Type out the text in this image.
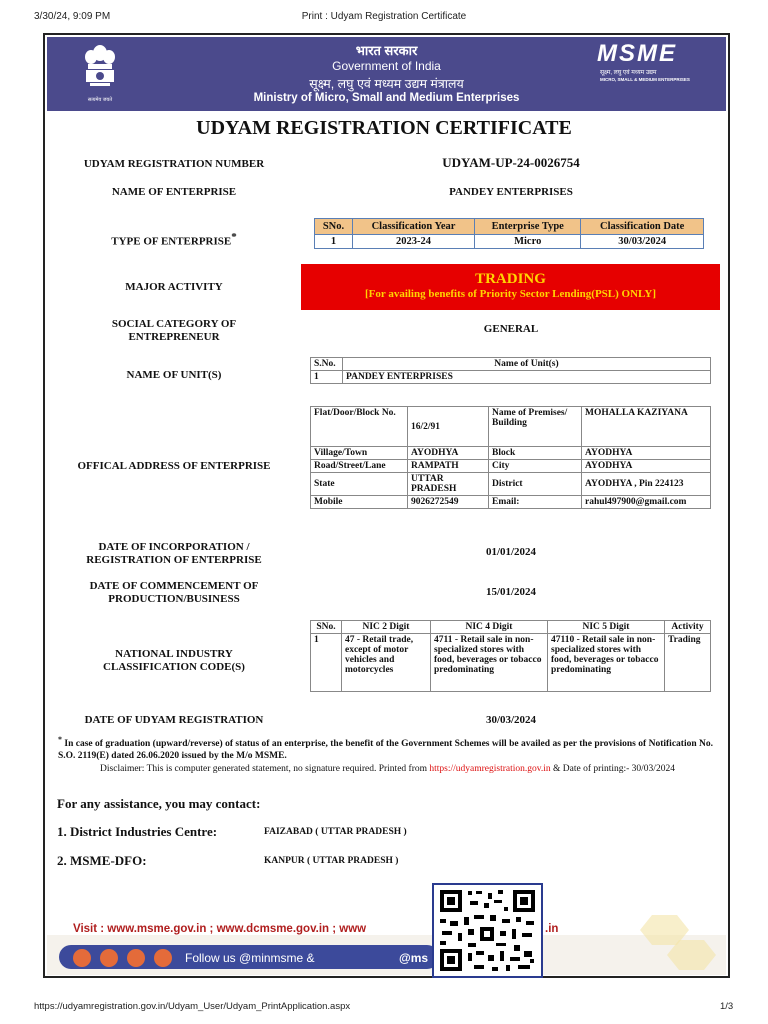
3/30/24, 9:09 PM	Print : Udyam Registration Certificate
सत्यमेव जयते
भारत सरकार
Government of India
सूक्ष्म, लघु एवं मध्यम उद्यम मंत्रालय
Ministry of Micro, Small and Medium Enterprises
MSME
सूक्ष्म, लघु एवं मध्यम उद्यम
MICRO, SMALL & MEDIUM ENTERPRISES
UDYAM REGISTRATION CERTIFICATE
UDYAM REGISTRATION NUMBER	UDYAM-UP-24-0026754
NAME OF ENTERPRISE	PANDEY ENTERPRISES
TYPE OF ENTERPRISE*
SNo.	Classification Year	Enterprise Type	Classification Date
1	2023-24	Micro	30/03/2024
MAJOR ACTIVITY	TRADING
[For availing benefits of Priority Sector Lending(PSL) ONLY]
SOCIAL CATEGORY OF ENTREPRENEUR
GENERAL
NAME OF UNIT(S)
S.No.	Name of Unit(s)
1	PANDEY ENTERPRISES
OFFICAL ADDRESS OF ENTERPRISE
Flat/Door/Block No.	16/2/91	Name of Premises/ Building	MOHALLA KAZIYANA
Village/Town	AYODHYA	Block	AYODHYA
Road/Street/Lane	RAMPATH	City	AYODHYA
State	UTTAR PRADESH	District	AYODHYA , Pin 224123
Mobile	9026272549	Email:	rahul497900@gmail.com
DATE OF INCORPORATION / REGISTRATION OF ENTERPRISE
01/01/2024
DATE OF COMMENCEMENT OF PRODUCTION/BUSINESS
15/01/2024
NATIONAL INDUSTRY CLASSIFICATION CODE(S)
SNo.	NIC 2 Digit	NIC 4 Digit	NIC 5 Digit	Activity
1	47 - Retail trade, except of motor vehicles and motorcycles	4711 - Retail sale in non-specialized stores with food, beverages or tobacco predominating	47110 - Retail sale in non-specialized stores with food, beverages or tobacco predominating	Trading
DATE OF UDYAM REGISTRATION	30/03/2024
* In case of graduation (upward/reverse) of status of an enterprise, the benefit of the Government Schemes will be availed as per the provisions of Notification No. S.O. 2119(E) dated 26.06.2020 issued by the M/o MSME.
Disclaimer: This is computer generated statement, no signature required. Printed from https://udyamregistration.gov.in & Date of printing:- 30/03/2024
For any assistance, you may contact:
1. District Industries Centre:	FAIZABAD ( UTTAR PRADESH )
2. MSME-DFO:	KANPUR ( UTTAR PRADESH )
Visit : www.msme.gov.in ; www.dcmsme.gov.in ; www	.in
Follow us @minmsme &	@ms
https://udyamregistration.gov.in/Udyam_User/Udyam_PrintApplication.aspx	1/3
